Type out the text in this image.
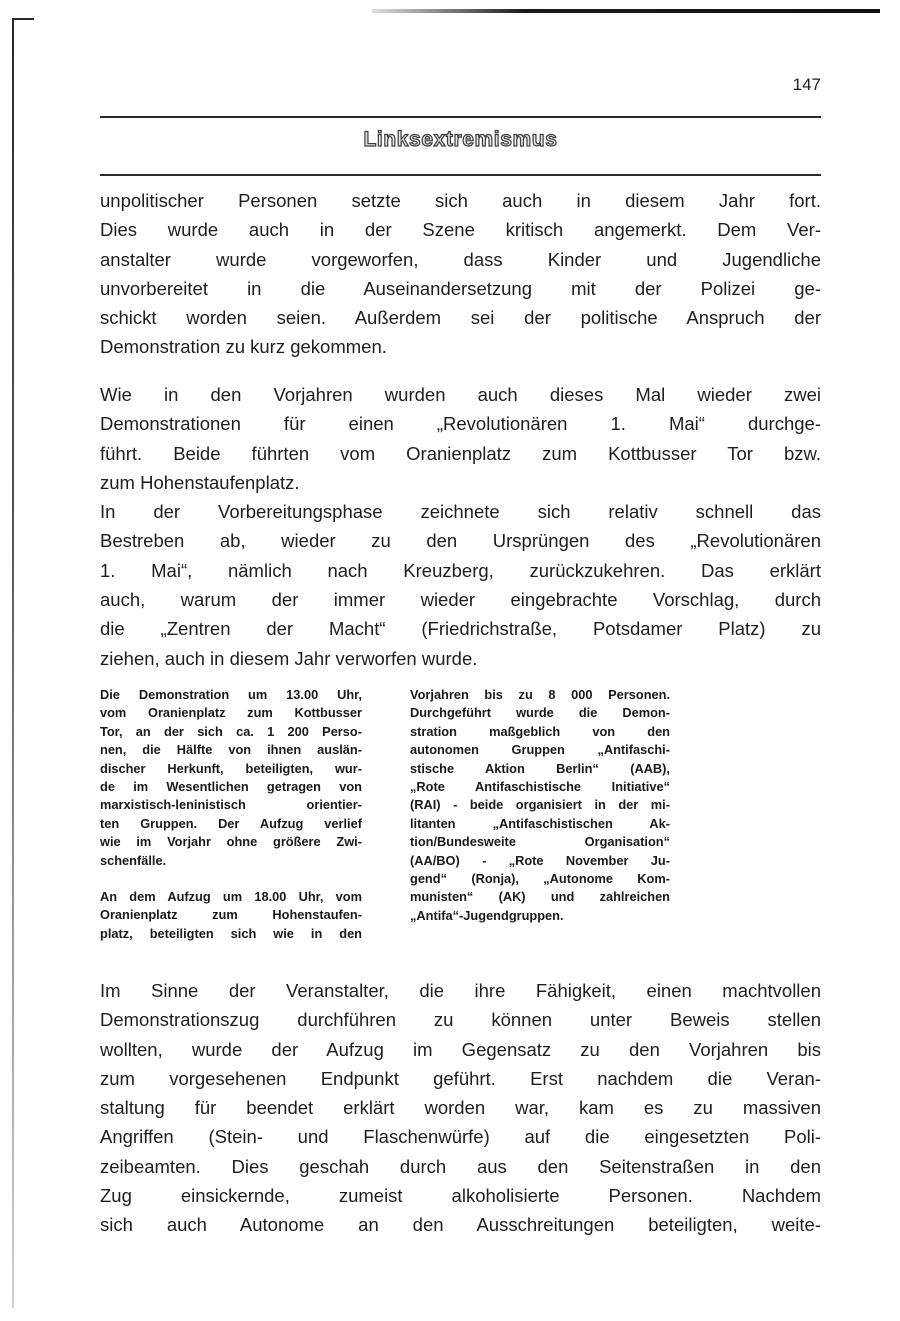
147
Linksextremismus
unpolitischer Personen setzte sich auch in diesem Jahr fort.
Dies wurde auch in der Szene kritisch angemerkt. Dem Ver-
anstalter wurde vorgeworfen, dass Kinder und Jugendliche
unvorbereitet in die Auseinandersetzung mit der Polizei ge-
schickt worden seien. Außerdem sei der politische Anspruch der
Demonstration zu kurz gekommen.
Wie in den Vorjahren wurden auch dieses Mal wieder zwei
Demonstrationen für einen „Revolutionären 1. Mai“ durchge-
führt. Beide führten vom Oranienplatz zum Kottbusser Tor bzw.
zum Hohenstaufenplatz.
In der Vorbereitungsphase zeichnete sich relativ schnell das
Bestreben ab, wieder zu den Ursprüngen des „Revolutionären
1. Mai“, nämlich nach Kreuzberg, zurückzukehren. Das erklärt
auch, warum der immer wieder eingebrachte Vorschlag, durch
die „Zentren der Macht“ (Friedrichstraße, Potsdamer Platz) zu
ziehen, auch in diesem Jahr verworfen wurde.
Die Demonstration um 13.00 Uhr,
vom Oranienplatz zum Kottbusser
Tor, an der sich ca. 1 200 Perso-
nen, die Hälfte von ihnen auslän-
discher Herkunft, beteiligten, wur-
de im Wesentlichen getragen von
marxistisch-leninistisch orientier-
ten Gruppen. Der Aufzug verlief
wie im Vorjahr ohne größere Zwi-
schenfälle.
An dem Aufzug um 18.00 Uhr, vom
Oranienplatz zum Hohenstaufen-
platz, beteiligten sich wie in den
Vorjahren bis zu 8 000 Personen.
Durchgeführt wurde die Demon-
stration maßgeblich von den
autonomen Gruppen „Antifaschi-
stische Aktion Berlin“ (AAB),
„Rote Antifaschistische Initiative“
(RAI) - beide organisiert in der mi-
litanten „Antifaschistischen Ak-
tion/Bundesweite Organisation“
(AA/BO) - „Rote November Ju-
gend“ (Ronja), „Autonome Kom-
munisten“ (AK) und zahlreichen
„Antifa“-Jugendgruppen.
Im Sinne der Veranstalter, die ihre Fähigkeit, einen machtvollen
Demonstrationszug durchführen zu können unter Beweis stellen
wollten, wurde der Aufzug im Gegensatz zu den Vorjahren bis
zum vorgesehenen Endpunkt geführt. Erst nachdem die Veran-
staltung für beendet erklärt worden war, kam es zu massiven
Angriffen (Stein- und Flaschenwürfe) auf die eingesetzten Poli-
zeibeamten. Dies geschah durch aus den Seitenstraßen in den
Zug einsickernde, zumeist alkoholisierte Personen. Nachdem
sich auch Autonome an den Ausschreitungen beteiligten, weite-
